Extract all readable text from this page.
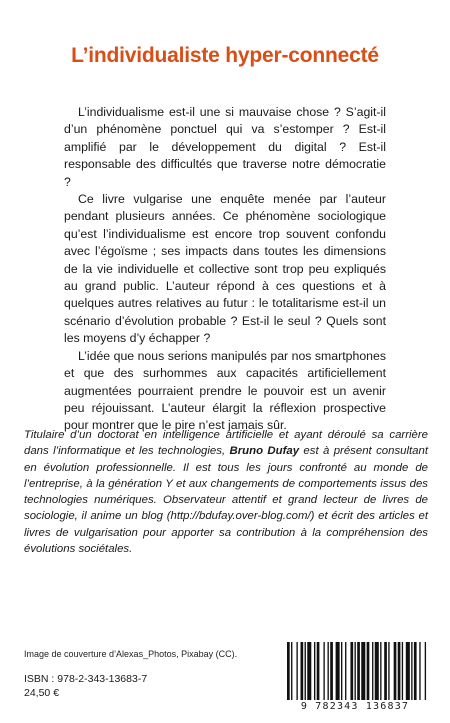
L’individualiste hyper-connecté

L’individualisme est-il une si mauvaise chose ? S’agit-il d’un phénomène ponctuel qui va s’estomper ? Est-il amplifié par le développement du digital ? Est-il responsable des difficultés que traverse notre démocratie ?

Ce livre vulgarise une enquête menée par l’auteur pendant plusieurs années. Ce phénomène sociologique qu’est l’individualisme est encore trop souvent confondu avec l’égoïsme ; ses impacts dans toutes les dimensions de la vie individuelle et collective sont trop peu expliqués au grand public. L’auteur répond à ces questions et à quelques autres relatives au futur : le totalitarisme est-il un scénario d’évolution probable ? Est-il le seul ? Quels sont les moyens d’y échapper ?

L’idée que nous serions manipulés par nos smartphones et que des surhommes aux capacités artificiellement augmentées pourraient prendre le pouvoir est un avenir peu réjouissant. L’auteur élargit la réflexion prospective pour montrer que le pire n’est jamais sûr.

Titulaire d’un doctorat en intelligence artificielle et ayant déroulé sa carrière dans l’informatique et les technologies, Bruno Dufay est à présent consultant en évolution professionnelle. Il est tous les jours confronté au monde de l’entreprise, à la génération Y et aux changements de comportements issus des technologies numériques. Observateur attentif et grand lecteur de livres de sociologie, il anime un blog (http://bdufay.over-blog.com/) et écrit des articles et livres de vulgarisation pour apporter sa contribution à la compréhension des évolutions sociétales.
Image de couverture d’Alexas_Photos, Pixabay (CC).
ISBN : 978-2-343-13683-7
24,50 €
9 782343 136837
